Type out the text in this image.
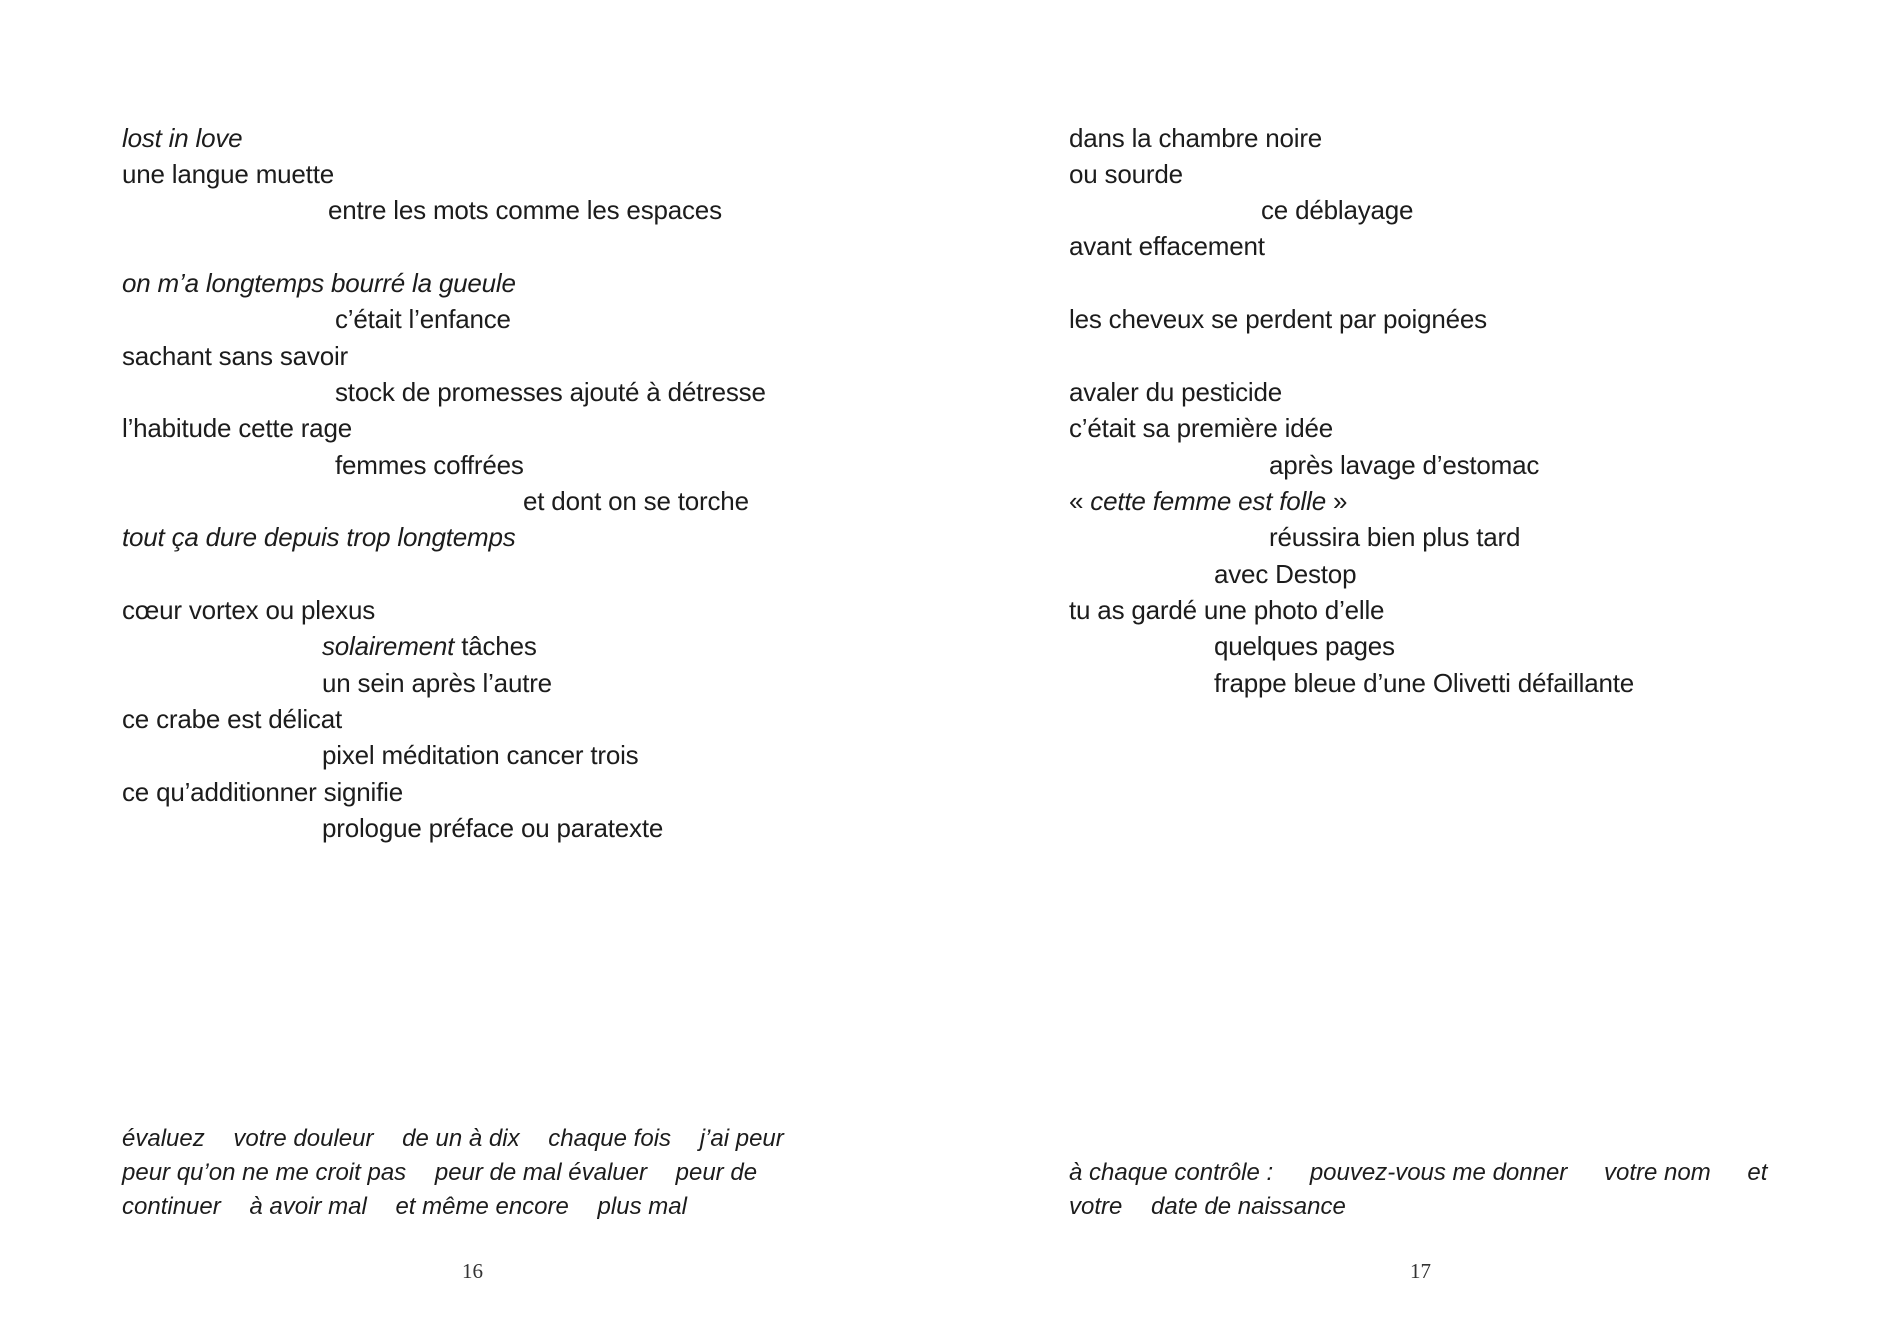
lost in love
une langue muette
entre les mots comme les espaces
on m’a longtemps bourré la gueule
c’était l’enfance
sachant sans savoir
stock de promesses ajouté à détresse
l’habitude cette rage
femmes coffrées
et dont on se torche
tout ça dure depuis trop longtemps
cœur vortex ou plexus
solairement tâches
un sein après l’autre
ce crabe est délicat
pixel méditation cancer trois
ce qu’additionner signifie
prologue préface ou paratexte
évaluez votre douleur de un à dix chaque fois j’ai peur
peur qu’on ne me croit pas peur de mal évaluer peur de
continuer à avoir mal et même encore plus mal
16
dans la chambre noire
ou sourde
ce déblayage
avant effacement
les cheveux se perdent par poignées
avaler du pesticide
c’était sa première idée
après lavage d’estomac
« cette femme est folle »
réussira bien plus tard
avec Destop
tu as gardé une photo d’elle
quelques pages
frappe bleue d’une Olivetti défaillante
à chaque contrôle : pouvez-vous me donner votre nom et
votre date de naissance
17
